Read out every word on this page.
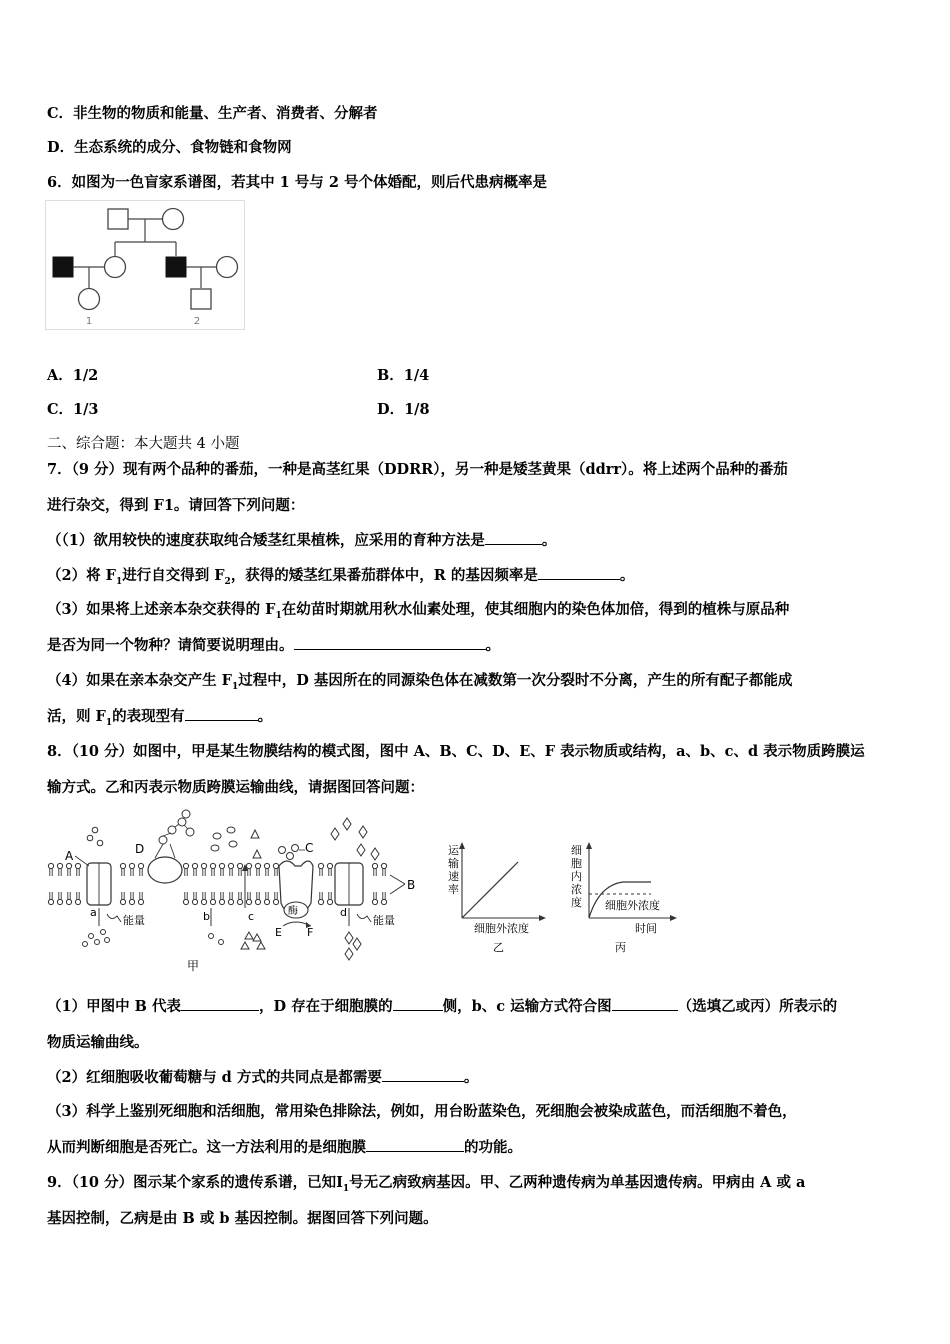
C．非生物的物质和能量、生产者、消费者、分解者
D．生态系统的成分、食物链和食物网
6．如图为一色盲家系谱图，若其中 1 号与 2 号个体婚配，则后代患病概率是
1	2
A．1/2	B．1/4
C．1/3	D．1/8
二、综合题：本大题共 4 小题
7．（9 分）现有两个品种的番茄，一种是高茎红果（DDRR），另一种是矮茎黄果（ddrr）。将上述两个品种的番茄
进行杂交，得到 F1。请回答下列问题：
（（1）欲用较快的速度获取纯合矮茎红果植株，应采用的育种方法是	。
（2）将 $F_1$进行自交得到 $F_2$，获得的矮茎红果番茄群体中，R 的基因频率是	。
（3）如果将上述亲本杂交获得的 $F_1$在幼苗时期就用秋水仙素处理，使其细胞内的染色体加倍，得到的植株与原品种
是否为同一个物种？请简要说明理由。	。
（4）如果在亲本杂交产生 $F_1$过程中，D 基因所在的同源染色体在减数第一次分裂时不分离，产生的所有配子都能成
活，则 $F_1$的表现型有	。
8．（10 分）如图中，甲是某生物膜结构的模式图，图中 A、B、C、D、E、F 表示物质或结构，a、b、c、d 表示物质跨膜运
输方式。乙和丙表示物质跨膜运输曲线，请据图回答问题：
A	D
酶
C
B
a
能量	b	c
E F
d
能量
甲
运
输
速
率
细胞外浓度
乙
细
胞
内
浓
度 细胞外浓度
时间
丙
（1）甲图中 B 代表	，D 存在于细胞膜的	侧，b、c 运输方式符合图	（选填乙或丙）所表示的
物质运输曲线。
（2）红细胞吸收葡萄糖与 d 方式的共同点是都需要	。
（3）科学上鉴别死细胞和活细胞，常用染色排除法，例如，用台盼蓝染色，死细胞会被染成蓝色，而活细胞不着色，
从而判断细胞是否死亡。这一方法利用的是细胞膜	的功能。
9．（10 分）图示某个家系的遗传系谱，已知$Ⅰ_1$号无乙病致病基因。甲、乙两种遗传病为单基因遗传病。甲病由 A 或 a
基因控制，乙病是由 B 或 b 基因控制。据图回答下列问题。
